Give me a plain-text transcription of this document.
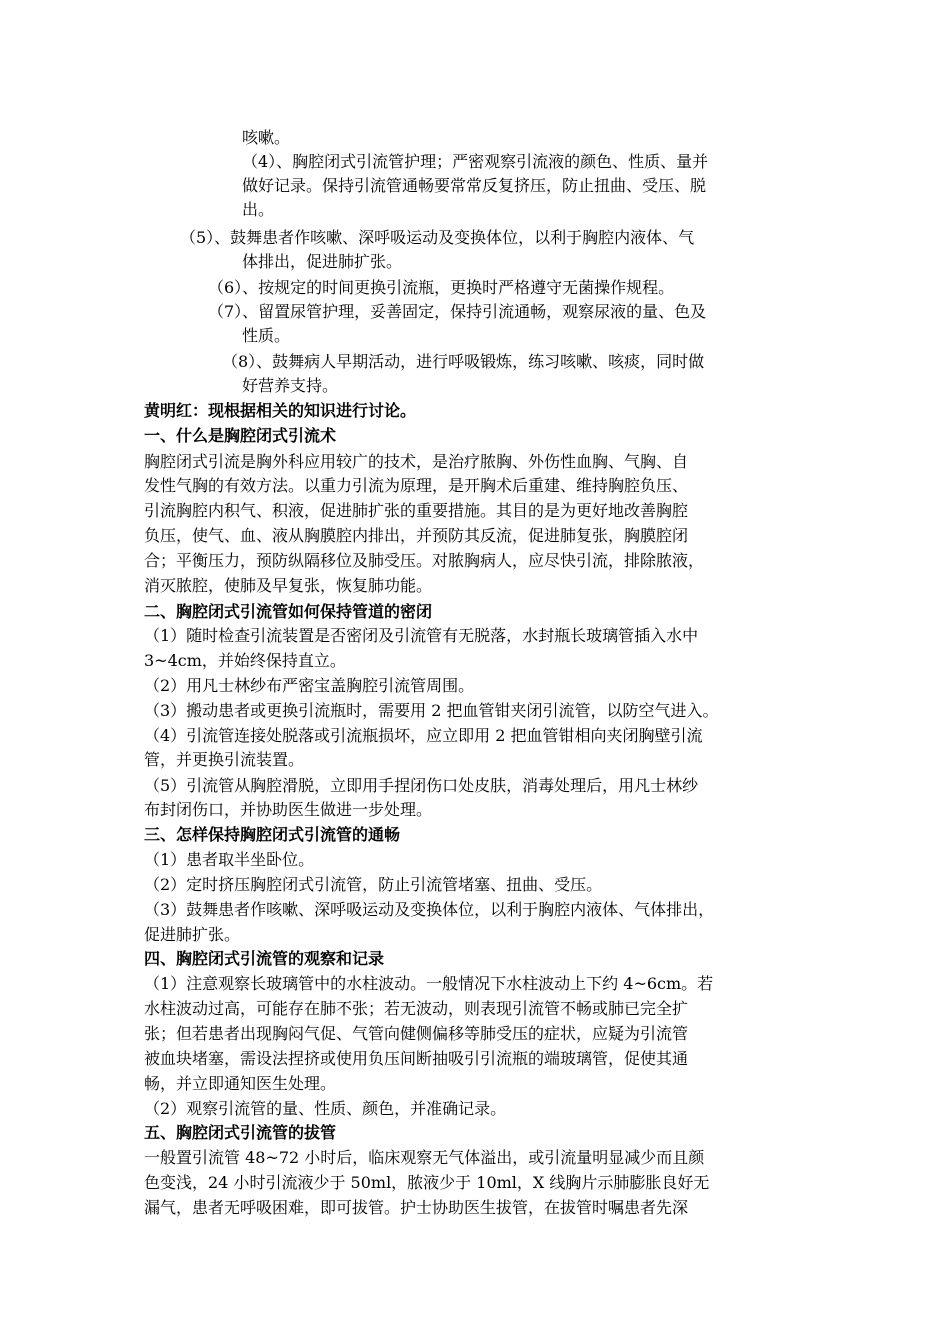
咳嗽。
（4）、胸腔闭式引流管护理；严密观察引流液的颜色、性质、量并
做好记录。保持引流管通畅要常常反复挤压，防止扭曲、受压、脱
出。
（5）、鼓舞患者作咳嗽、深呼吸运动及变换体位，以利于胸腔内液体、气
体排出，促进肺扩张。
（6）、按规定的时间更换引流瓶，更换时严格遵守无菌操作规程。
（7）、留置尿管护理，妥善固定，保持引流通畅，观察尿液的量、色及
性质。
（8）、鼓舞病人早期活动，进行呼吸锻炼，练习咳嗽、咳痰，同时做
好营养支持。
黄明红：现根据相关的知识进行讨论。
一、什么是胸腔闭式引流术
胸腔闭式引流是胸外科应用较广的技术，是治疗脓胸、外伤性血胸、气胸、自
发性气胸的有效方法。以重力引流为原理，是开胸术后重建、维持胸腔负压、
引流胸腔内积气、积液，促进肺扩张的重要措施。其目的是为更好地改善胸腔
负压，使气、血、液从胸膜腔内排出，并预防其反流，促进肺复张，胸膜腔闭
合；平衡压力，预防纵隔移位及肺受压。对脓胸病人，应尽快引流，排除脓液，
消灭脓腔，使肺及早复张，恢复肺功能。
二、胸腔闭式引流管如何保持管道的密闭
（1）随时检查引流装置是否密闭及引流管有无脱落，水封瓶长玻璃管插入水中
3~4cm，并始终保持直立。
（2）用凡士林纱布严密宝盖胸腔引流管周围。
（3）搬动患者或更换引流瓶时，需要用 2 把血管钳夹闭引流管，以防空气进入。
（4）引流管连接处脱落或引流瓶损坏，应立即用 2 把血管钳相向夹闭胸壁引流
管，并更换引流装置。
（5）引流管从胸腔滑脱，立即用手捏闭伤口处皮肤，消毒处理后，用凡士林纱
布封闭伤口，并协助医生做进一步处理。
三、怎样保持胸腔闭式引流管的通畅
（1）患者取半坐卧位。
（2）定时挤压胸腔闭式引流管，防止引流管堵塞、扭曲、受压。
（3）鼓舞患者作咳嗽、深呼吸运动及变换体位，以利于胸腔内液体、气体排出，
促进肺扩张。
四、胸腔闭式引流管的观察和记录
（1）注意观察长玻璃管中的水柱波动。一般情况下水柱波动上下约 4~6cm。若
水柱波动过高，可能存在肺不张；若无波动，则表现引流管不畅或肺已完全扩
张；但若患者出现胸闷气促、气管向健侧偏移等肺受压的症状，应疑为引流管
被血块堵塞，需设法捏挤或使用负压间断抽吸引引流瓶的端玻璃管，促使其通
畅，并立即通知医生处理。
（2）观察引流管的量、性质、颜色，并准确记录。
五、胸腔闭式引流管的拔管
一般置引流管 48~72 小时后，临床观察无气体溢出，或引流量明显减少而且颜
色变浅，24 小时引流液少于 50ml，脓液少于 10ml，X 线胸片示肺膨胀良好无
漏气，患者无呼吸困难，即可拔管。护士协助医生拔管，在拔管时嘱患者先深
